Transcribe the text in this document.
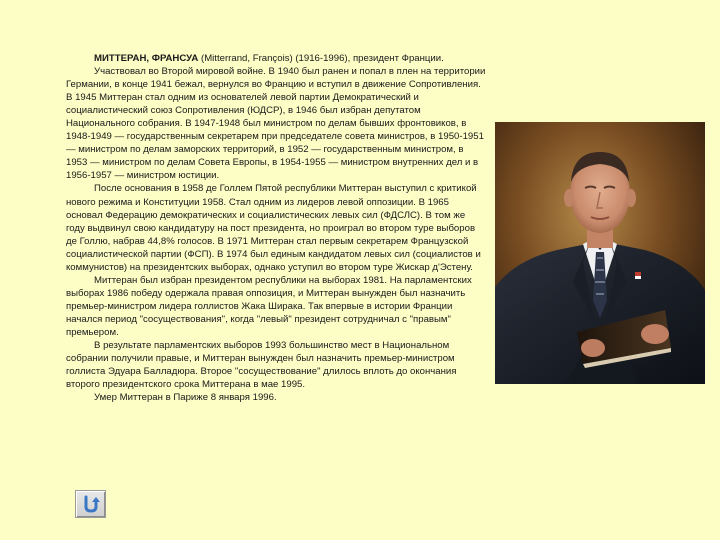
МИТТЕРАН, ФРАНСУА (Mitterrand, François) (1916-1996), президент Франции.

Участвовал во Второй мировой войне. В 1940 был ранен и попал в плен на территории Германии, в конце 1941 бежал, вернулся во Францию и вступил в движение Сопротивления. В 1945 Миттеран стал одним из основателей левой партии Демократический и социалистический союз Сопротивления (ЮДСР), в 1946 был избран депутатом Национального собрания. В 1947-1948 был министром по делам бывших фронтовиков, в 1948-1949 — государственным секретарем при председателе совета министров, в 1950-1951 — министром по делам заморских территорий, в 1952 — государственным министром, в 1953 — министром по делам Совета Европы, в 1954-1955 — министром внутренних дел и в 1956-1957 — министром юстиции.

После основания в 1958 де Голлем Пятой республики Миттеран выступил с критикой нового режима и Конституции 1958. Стал одним из лидеров левой оппозиции. В 1965 основал Федерацию демократических и социалистических левых сил (ФДСЛС). В том же году выдвинул свою кандидатуру на пост президента, но проиграл во втором туре выборов де Голлю, набрав 44,8% голосов. В 1971 Миттеран стал первым секретарем Французской социалистической партии (ФСП). В 1974 был единым кандидатом левых сил (социалистов и коммунистов) на президентских выборах, однако уступил во втором туре Жискар д'Эстену.

Миттеран был избран президентом республики на выборах 1981. На парламентских выборах 1986 победу одержала правая оппозиция, и Миттеран вынужден был назначить премьер-министром лидера голлистов Жака Ширака. Так впервые в истории Франции начался период "сосуществования", когда "левый" президент сотрудничал с "правым" премьером.

В результате парламентских выборов 1993 большинство мест в Национальном собрании получили правые, и Миттеран вынужден был назначить премьер-министром голлиста Эдуара Балладюра. Второе "сосуществование" длилось вплоть до окончания второго президентского срока Миттерана в мае 1995.

Умер Миттеран в Париже 8 января 1996.
